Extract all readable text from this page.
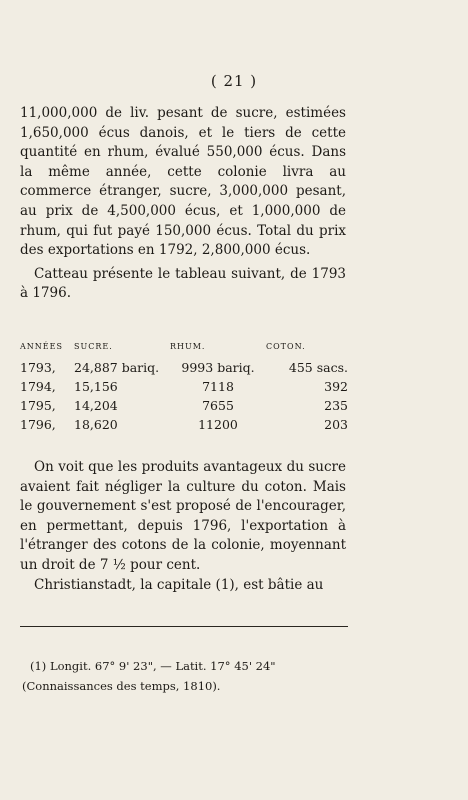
( 21 )

11,000,000 de liv. pesant de sucre, estimées 1,650,000 écus danois, et le tiers de cette quantité en rhum, évalué 550,000 écus. Dans la même année, cette colonie livra au commerce étranger, sucre, 3,000,000 pesant, au prix de 4,500,000 écus, et 1,000,000 de rhum, qui fut payé 150,000 écus. Total du prix des exportations en 1792, 2,800,000 écus.

Catteau présente le tableau suivant, de 1793 à 1796.

ANNÉES	SUCRE.	RHUM.	COTON.
1793,	24,887 bariq.	9993 bariq.	455 sacs.
1794,	15,156	7118	392
1795,	14,204	7655	235
1796,	18,620	11200	203

On voit que les produits avantageux du sucre avaient fait négliger la culture du coton. Mais le gouvernement s'est proposé de l'encourager, en permettant, depuis 1796, l'exportation à l'étranger des cotons de la colonie, moyennant un droit de 7 ½ pour cent.

Christianstadt, la capitale (1), est bâtie au

(1) Longit. 67° 9' 23", — Latit. 17° 45' 24"

(Connaissances des temps, 1810).
